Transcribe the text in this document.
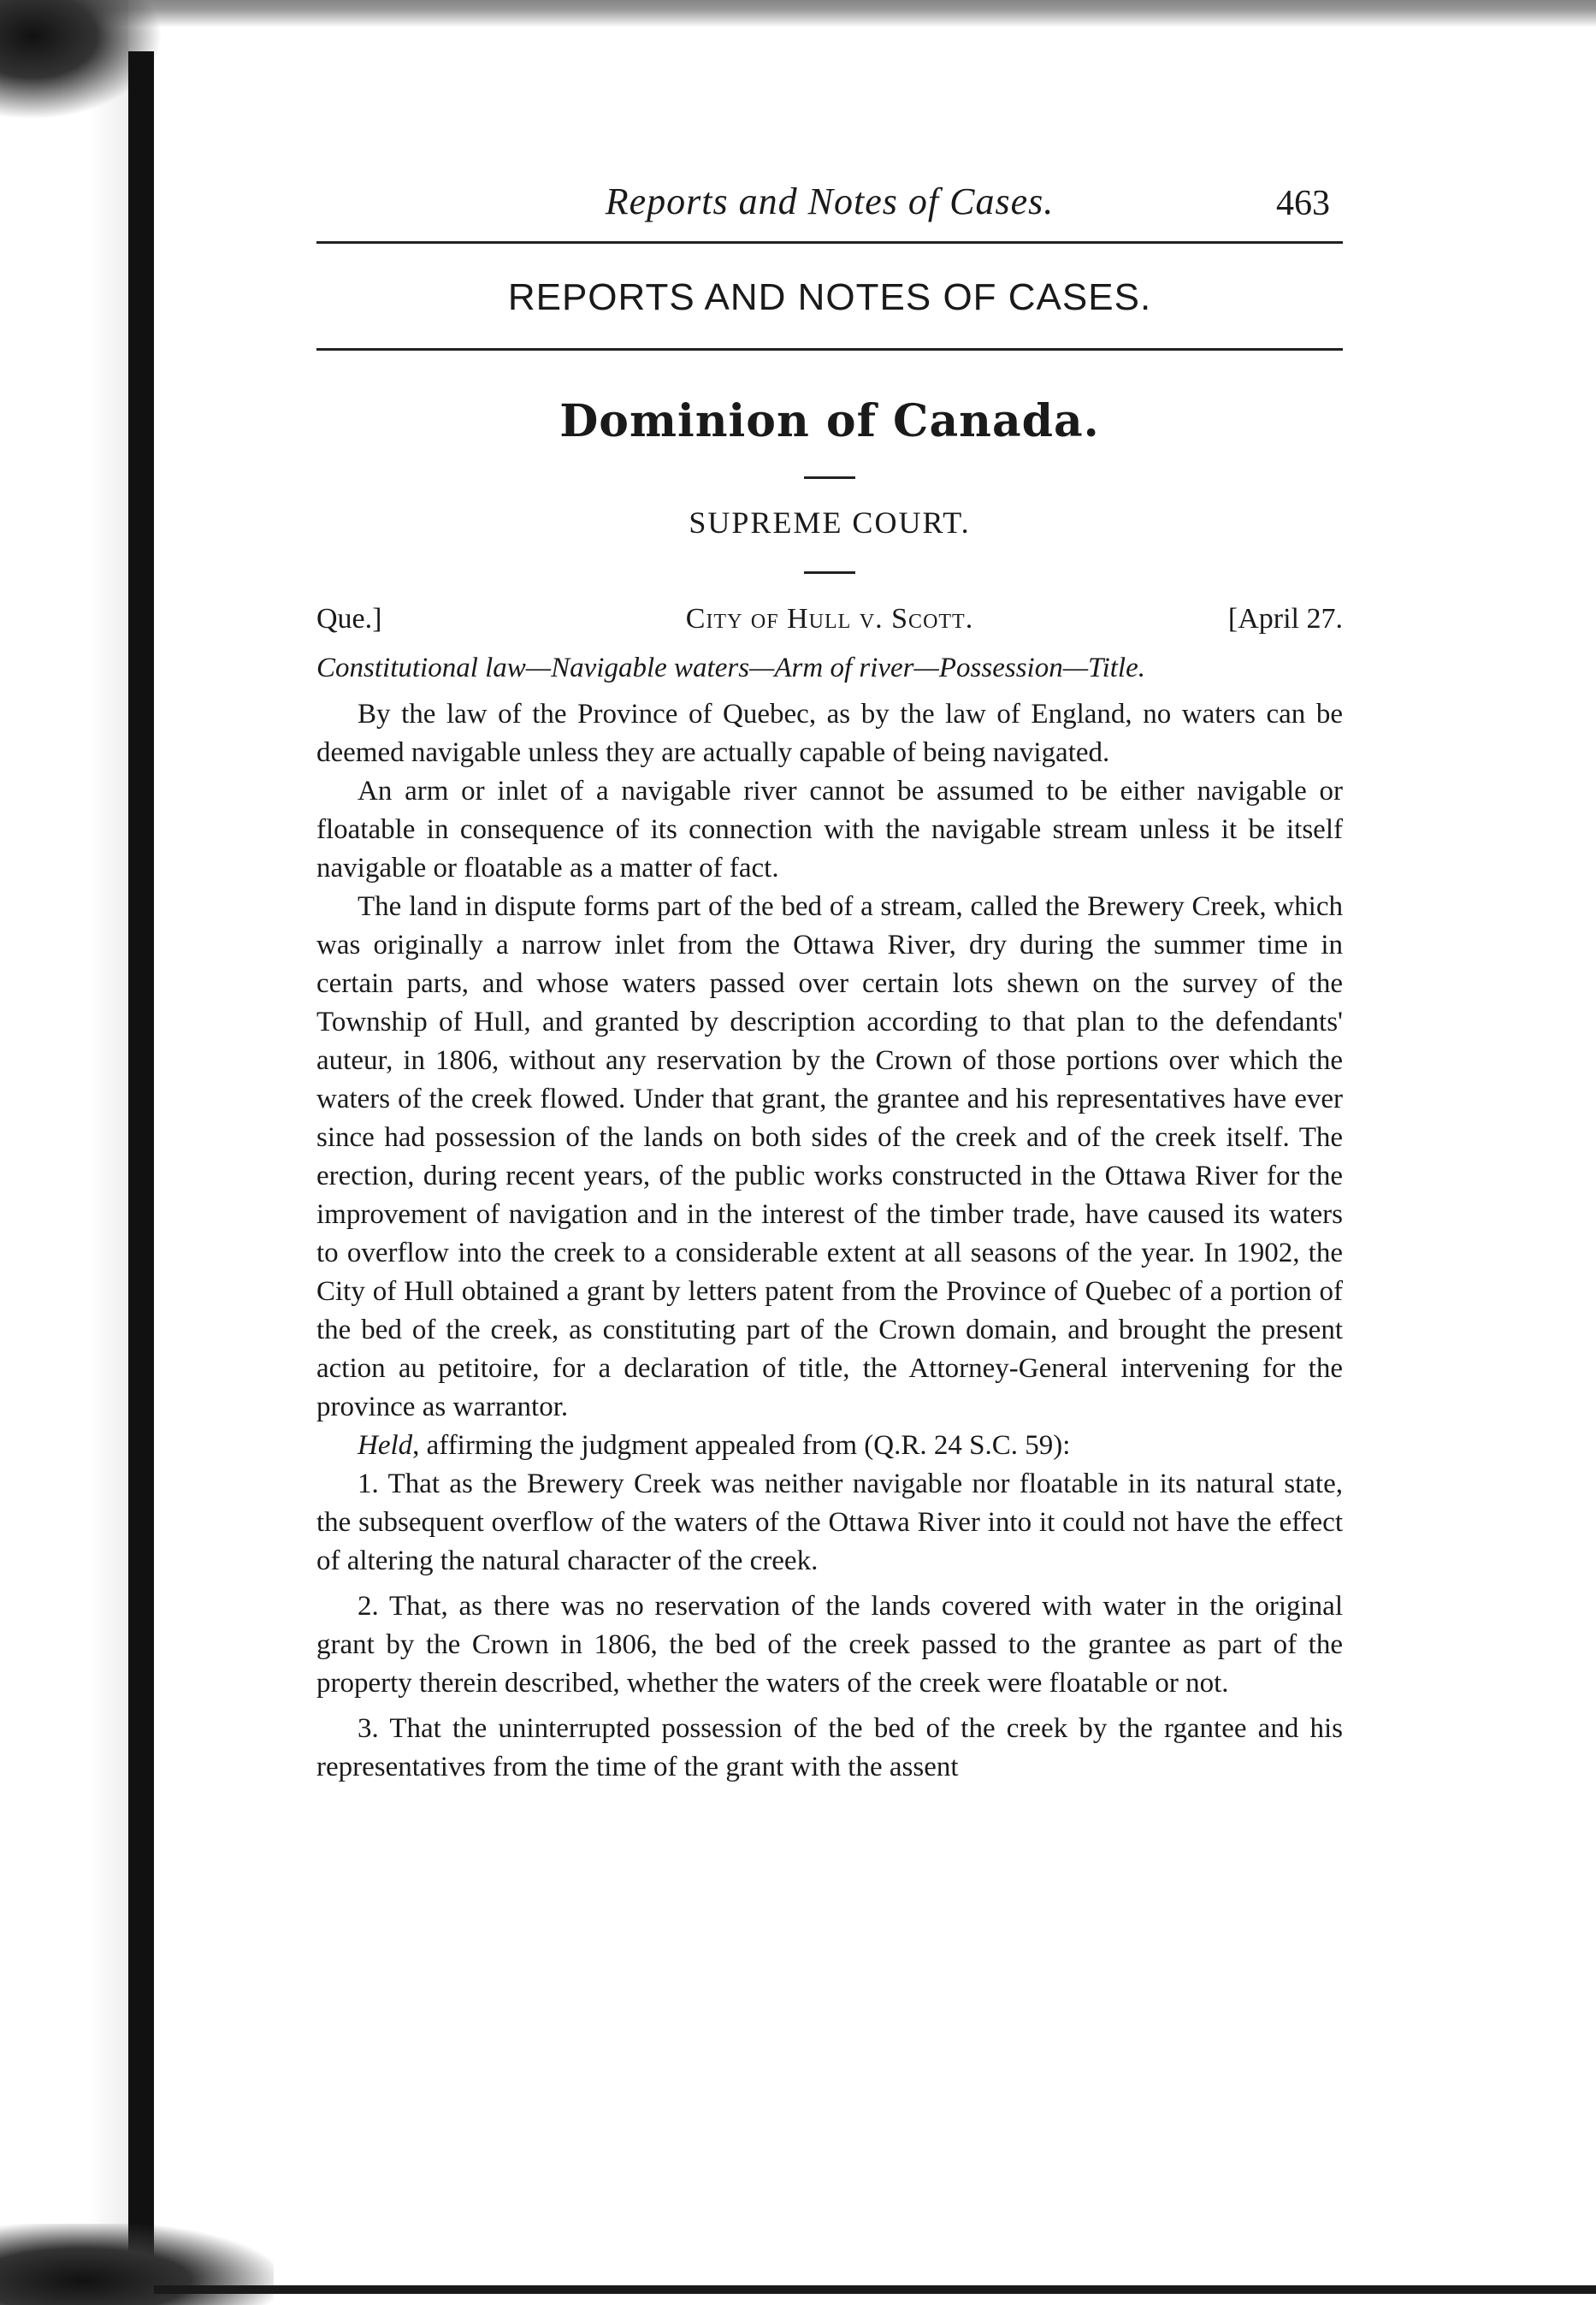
Reports and Notes of Cases.	463
REPORTS AND NOTES OF CASES.
Dominion of Canada.
SUPREME COURT.
Que.]	City of Hull v. Scott.	[April 27.
Constitutional law—Navigable waters—Arm of river—Possession—Title.

By the law of the Province of Quebec, as by the law of England, no waters can be deemed navigable unless they are actually capable of being navigated.

An arm or inlet of a navigable river cannot be assumed to be either navigable or floatable in consequence of its connection with the navigable stream unless it be itself navigable or floatable as a matter of fact.

The land in dispute forms part of the bed of a stream, called the Brewery Creek, which was originally a narrow inlet from the Ottawa River, dry during the summer time in certain parts, and whose waters passed over certain lots shewn on the survey of the Township of Hull, and granted by description according to that plan to the defendants' auteur, in 1806, without any reservation by the Crown of those portions over which the waters of the creek flowed. Under that grant, the grantee and his representatives have ever since had possession of the lands on both sides of the creek and of the creek itself. The erection, during recent years, of the public works constructed in the Ottawa River for the improvement of navigation and in the interest of the timber trade, have caused its waters to overflow into the creek to a considerable extent at all seasons of the year. In 1902, the City of Hull obtained a grant by letters patent from the Province of Quebec of a portion of the bed of the creek, as constituting part of the Crown domain, and brought the present action au petitoire, for a declaration of title, the Attorney-General intervening for the province as warrantor.

Held, affirming the judgment appealed from (Q.R. 24 S.C. 59):

1. That as the Brewery Creek was neither navigable nor floatable in its natural state, the subsequent overflow of the waters of the Ottawa River into it could not have the effect of altering the natural character of the creek.

2. That, as there was no reservation of the lands covered with water in the original grant by the Crown in 1806, the bed of the creek passed to the grantee as part of the property therein described, whether the waters of the creek were floatable or not.

3. That the uninterrupted possession of the bed of the creek by the rgantee and his representatives from the time of the grant with the assent
